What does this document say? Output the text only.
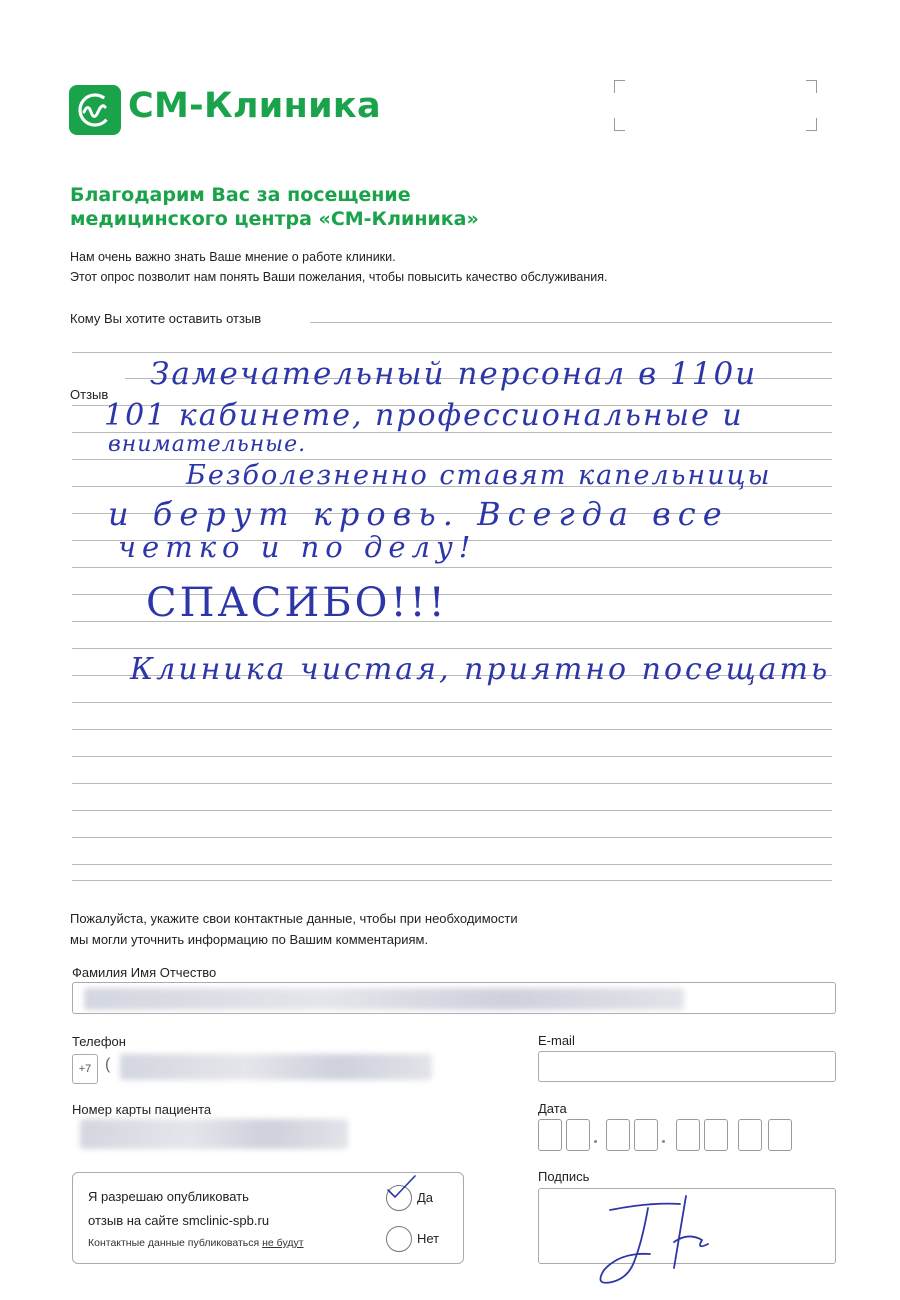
СМ-Клиника
Благодарим Вас за посещение
медицинского центра «СМ-Клиника»
Нам очень важно знать Ваше мнение о работе клиники.
Этот опрос позволит нам понять Ваши пожелания, чтобы повысить качество обслуживания.
Кому Вы хотите оставить отзыв
Отзыв
Замечательный персонал в 110и
101 кабинете, профессиональные и
внимательные.
Безболезненно ставят капельницы
и берут кровь. Всегда все
четко и по делу!
СПАСИБО!!!
Клиника чистая, приятно посещать
Пожалуйста, укажите свои контактные данные, чтобы при необходимости
мы могли уточнить информацию по Вашим комментариям.
Фамилия Имя Отчество
Телефон
+7 (
E-mail
Номер карты пациента	Дата
Я разрешаю опубликовать
отзыв на сайте smclinic-spb.ru
Контактные данные публиковаться не будут
Да
Нет
Подпись
